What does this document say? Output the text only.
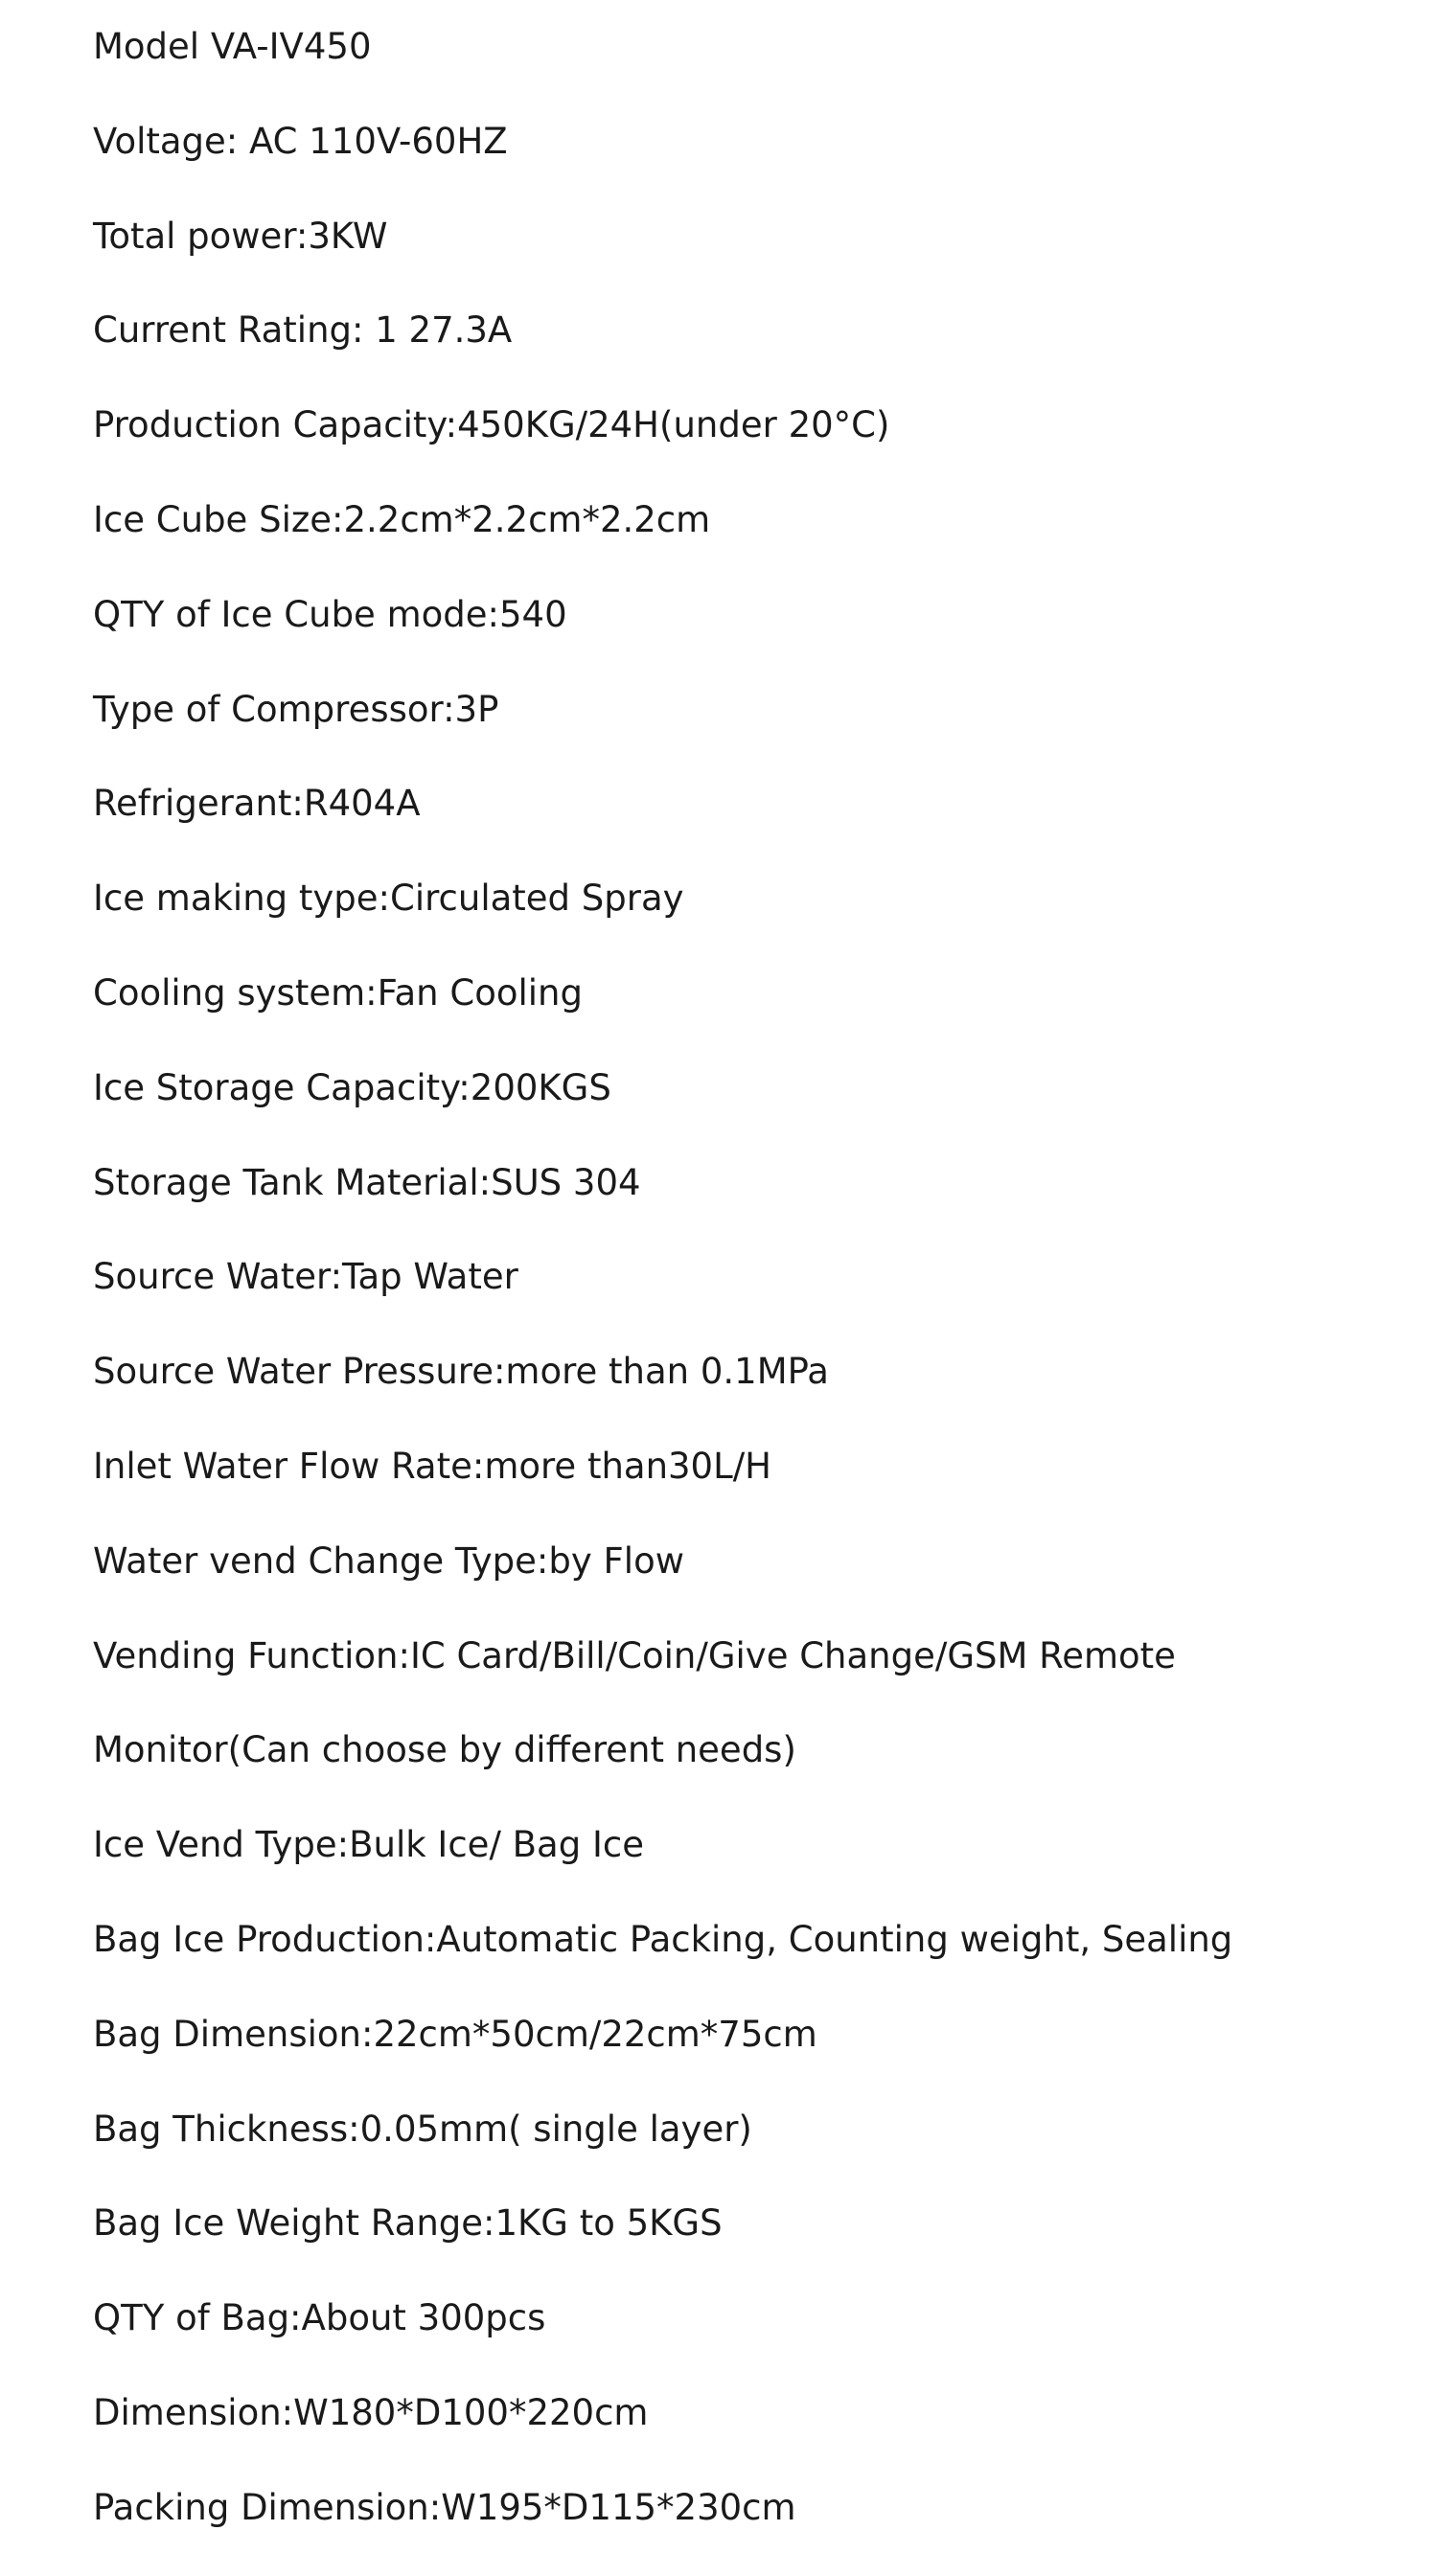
Model VA-IV450
Voltage: AC 110V-60HZ
Total power:3KW
Current Rating: 1 27.3A
Production Capacity:450KG/24H(under 20°C)
Ice Cube Size:2.2cm*2.2cm*2.2cm
QTY of Ice Cube mode:540
Type of Compressor:3P
Refrigerant:R404A
Ice making type:Circulated Spray
Cooling system:Fan Cooling
Ice Storage Capacity:200KGS
Storage Tank Material:SUS 304
Source Water:Tap Water
Source Water Pressure:more than 0.1MPa
Inlet Water Flow Rate:more than30L/H
Water vend Change Type:by Flow
Vending Function:IC Card/Bill/Coin/Give Change/GSM Remote
Monitor(Can choose by different needs)
Ice Vend Type:Bulk Ice/ Bag Ice
Bag Ice Production:Automatic Packing, Counting weight, Sealing
Bag Dimension:22cm*50cm/22cm*75cm
Bag Thickness:0.05mm( single layer)
Bag Ice Weight Range:1KG to 5KGS
QTY of Bag:About 300pcs
Dimension:W180*D100*220cm
Packing Dimension:W195*D115*230cm
